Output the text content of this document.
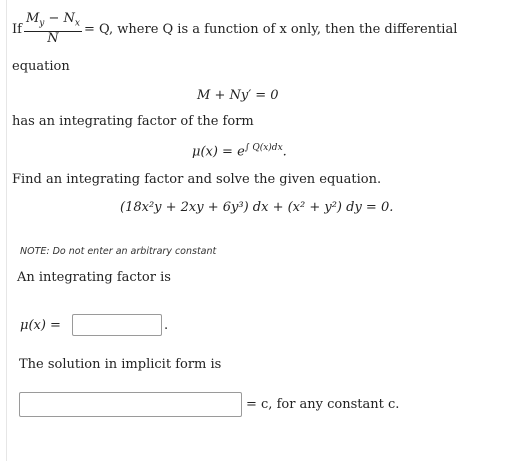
If $\frac{M_y - N_x}{N} = Q$, where Q is a function of x only, then the differential
equation
M + Ny′ = 0
has an integrating factor of the form
$\mu(x) = e^{\int Q(x)dx}$.
Find an integrating factor and solve the given equation.
(18x²y + 2xy + 6y³) dx + (x² + y²) dy = 0.
NOTE: Do not enter an arbitrary constant
An integrating factor is
μ(x) =	.
The solution in implicit form is
= c, for any constant c.
